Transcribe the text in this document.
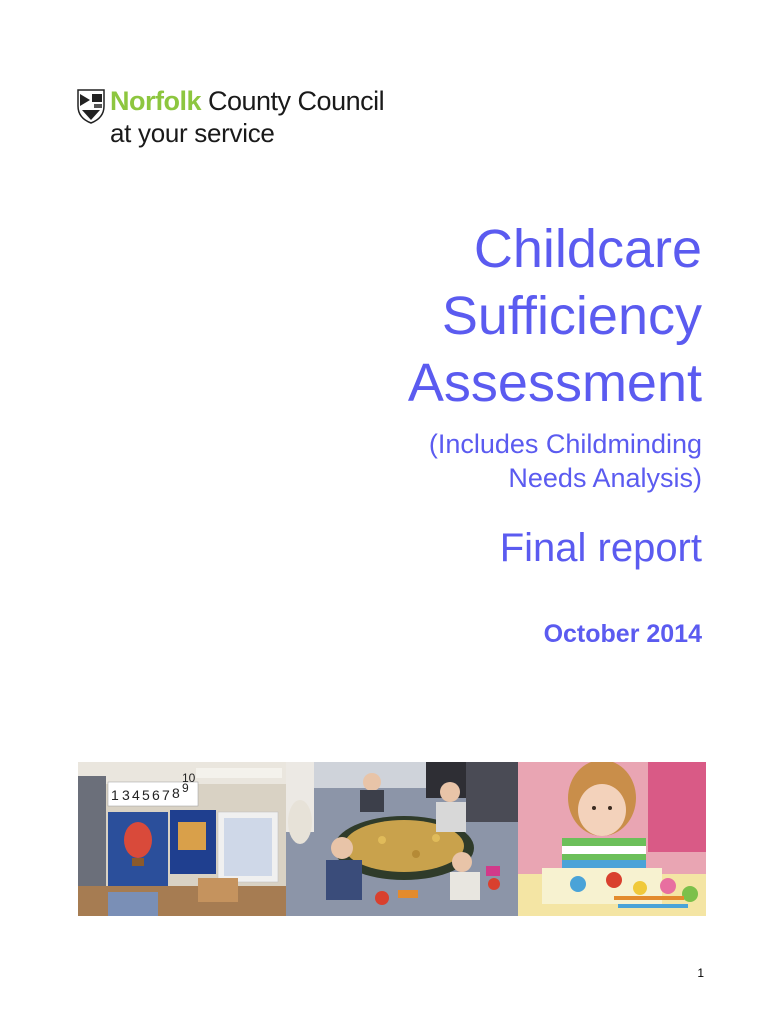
Norfolk County Council
at your service
Childcare
Sufficiency
Assessment
(Includes Childminding
Needs Analysis)
Final report
October 2014
1 3 4 5 6 7 8 9
10
1
